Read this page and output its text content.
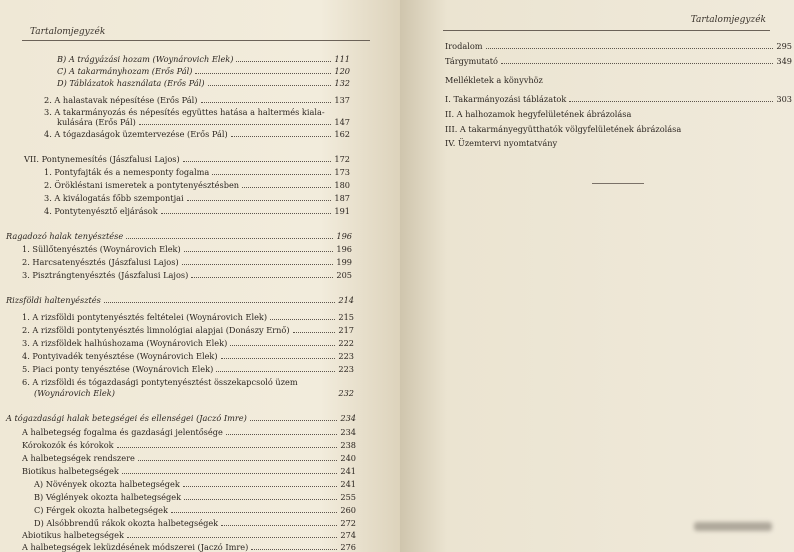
Tartalomjegyzék
B) A trágyázási hozam (Woynárovich Elek)	111
C) A takarmányhozam (Erős Pál)	120
D) Táblázatok használata (Erős Pál)	132
2. A halastavak népesítése (Erős Pál)	137
3. A takarmányozás és népesítés együttes hatása a haltermés kiala-
kulására (Erős Pál)	147
4. A tógazdaságok üzemtervezése (Erős Pál)	162
VII. Pontynemesítés (Jászfalusi Lajos)	172
1. Pontyfajták és a nemesponty fogalma	173
2. Örökléstani ismeretek a pontytenyésztésben	180
3. A kiválogatás főbb szempontjai	187
4. Pontytenyésztő eljárások	191
Ragadozó halak tenyésztése	196
1. Süllőtenyésztés (Woynárovich Elek)	196
2. Harcsatenyésztés (Jászfalusi Lajos)	199
3. Pisztrángtenyésztés (Jászfalusi Lajos)	205
Rizsföldi haltenyésztés	214
1. A rizsföldi pontytenyésztés feltételei (Woynárovich Elek)	215
2. A rizsföldi pontytenyésztés limnológiai alapjai (Donászy Ernő)	217
3. A rizsföldek halhúshozama (Woynárovich Elek)	222
4. Pontyivadék tenyésztése (Woynárovich Elek)	223
5. Piaci ponty tenyésztése (Woynárovich Elek)	223
6. A rizsföldi és tógazdasági pontytenyésztést összekapcsoló üzem
(Woynárovich Elek)	232
A tógazdasági halak betegségei és ellenségei (Jaczó Imre)	234
A halbetegség fogalma és gazdasági jelentősége	234
Kórokozók és kórokok	238
A halbetegségek rendszere	240
Biotikus halbetegségek	241
A) Növények okozta halbetegségek	241
B) Véglények okozta halbetegségek	255
C) Férgek okozta halbetegségek	260
D) Alsóbbrendű rákok okozta halbetegségek	272
Abiotikus halbetegségek	274
A halbetegségek leküzdésének módszerei (Jaczó Imre)	276
Tartalomjegyzék
Irodalom	295
Tárgymutató	349
Mellékletek a könyvhöz
I. Takarmányozási táblázatok	303
II. A halhozamok hegyfelületének ábrázolása
III. A takarmányegyütthatók völgyfelületének ábrázolása
IV. Üzemtervi nyomtatvány
